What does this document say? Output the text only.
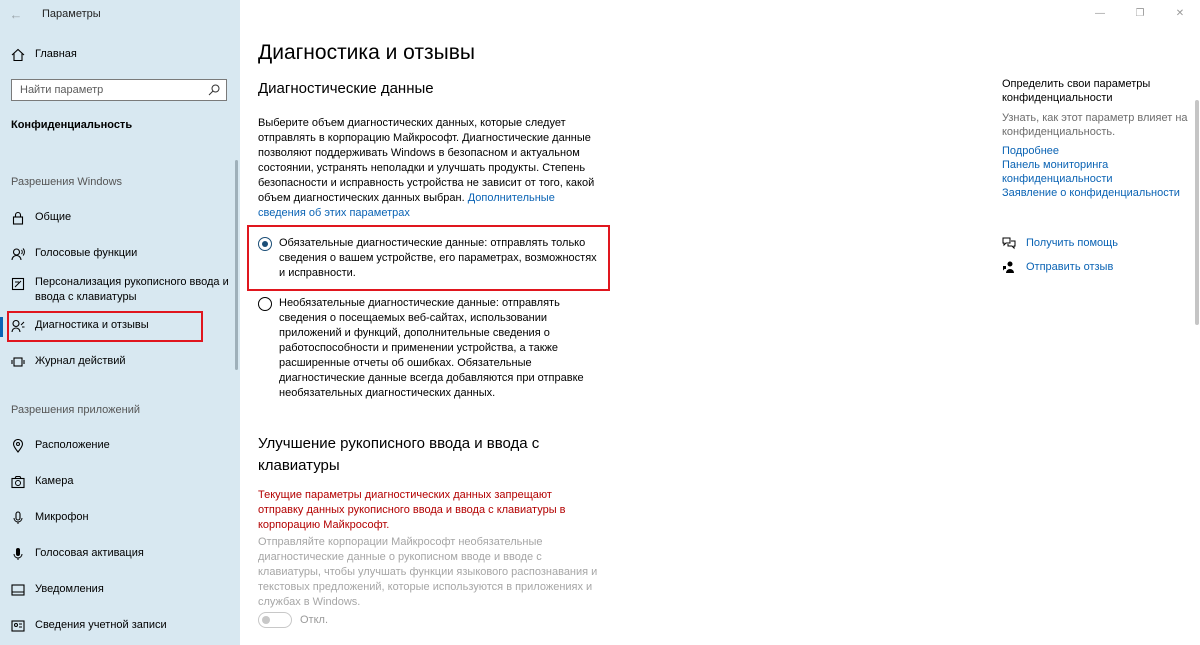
← Параметры
Главная
Найти параметр
Конфиденциальность
Разрешения Windows
Общие
Голосовые функции
Персонализация рукописного ввода и ввода с клавиатуры
Диагностика и отзывы
Журнал действий
Разрешения приложений
Расположение
Камера
Микрофон
Голосовая активация
Уведомления
Сведения учетной записи
—	❐	✕
Диагностика и отзывы
Диагностические данные
Выберите объем диагностических данных, которые следует отправлять в корпорацию Майкрософт. Диагностические данные позволяют поддерживать Windows в безопасном и актуальном состоянии, устранять неполадки и улучшать продукты. Степень безопасности и исправность устройства не зависит от того, какой объем диагностических данных выбран. Дополнительные сведения об этих параметрах
Обязательные диагностические данные: отправлять только сведения о вашем устройстве, его параметрах, возможностях и исправности.
Необязательные диагностические данные: отправлять сведения о посещаемых веб-сайтах, использовании приложений и функций, дополнительные сведения о работоспособности и применении устройства, а также расширенные отчеты об ошибках. Обязательные диагностические данные всегда добавляются при отправке необязательных диагностических данных.
Улучшение рукописного ввода и ввода с клавиатуры
Текущие параметры диагностических данных запрещают отправку данных рукописного ввода и ввода с клавиатуры в корпорацию Майкрософт.
Отправляйте корпорации Майкрософт необязательные диагностические данные о рукописном вводе и вводе с клавиатуры, чтобы улучшать функции языкового распознавания и текстовых предложений, которые используются в приложениях и службах в Windows.
Откл.
Определить свои параметры конфиденциальности
Узнать, как этот параметр влияет на конфиденциальность.
Подробнее
Панель мониторинга конфиденциальности
Заявление о конфиденциальности
Получить помощь
Отправить отзыв
